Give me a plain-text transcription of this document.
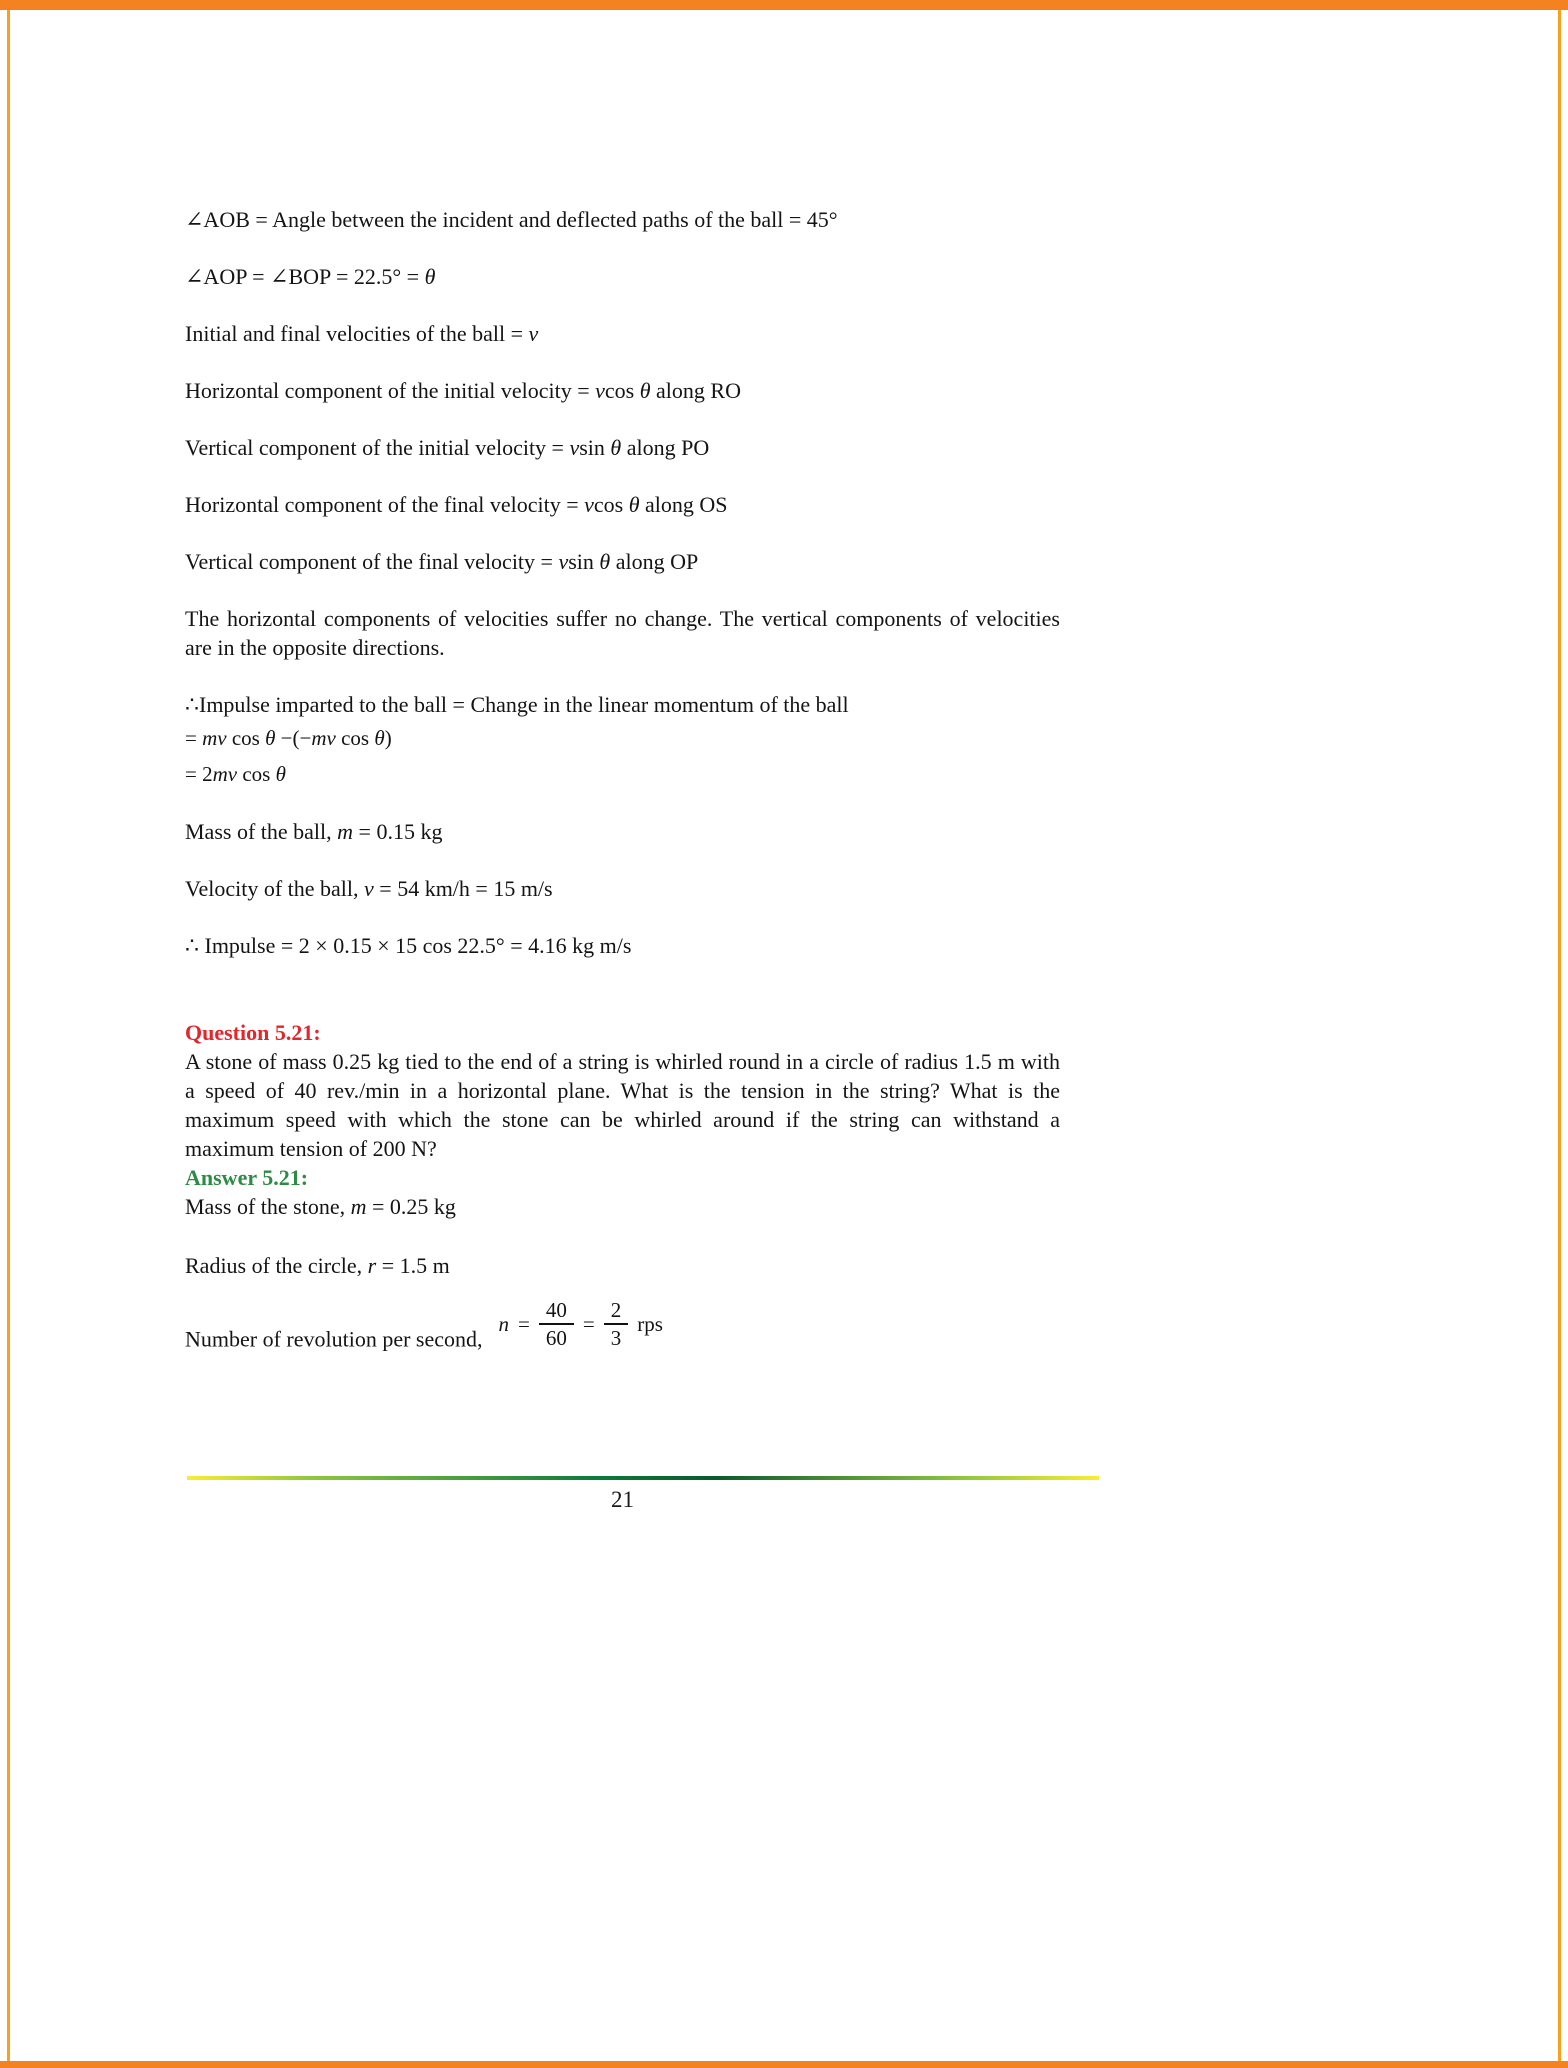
∠AOB = Angle between the incident and deflected paths of the ball = 45°

∠AOP = ∠BOP = 22.5° = θ

Initial and final velocities of the ball = v

Horizontal component of the initial velocity = vcos θ along RO

Vertical component of the initial velocity = vsin θ along PO

Horizontal component of the final velocity = vcos θ along OS

Vertical component of the final velocity = vsin θ along OP

The horizontal components of velocities suffer no change. The vertical components of velocities are in the opposite directions.

∴Impulse imparted to the ball = Change in the linear momentum of the ball

= mv cos θ −(−mv cos θ)

= 2mv cos θ

Mass of the ball, m = 0.15 kg

Velocity of the ball, v = 54 km/h = 15 m/s

∴ Impulse = 2 × 0.15 × 15 cos 22.5° = 4.16 kg m/s

Question 5.21:

A stone of mass 0.25 kg tied to the end of a string is whirled round in a circle of radius 1.5 m with a speed of 40 rev./min in a horizontal plane. What is the tension in the string? What is the maximum speed with which the stone can be whirled around if the string can withstand a maximum tension of 200 N?

Answer 5.21:

Mass of the stone, m = 0.25 kg

Radius of the circle, r = 1.5 m

Number of revolution per second,
$n = \frac{40}{60} = \frac{2}{3}$ rps

21
